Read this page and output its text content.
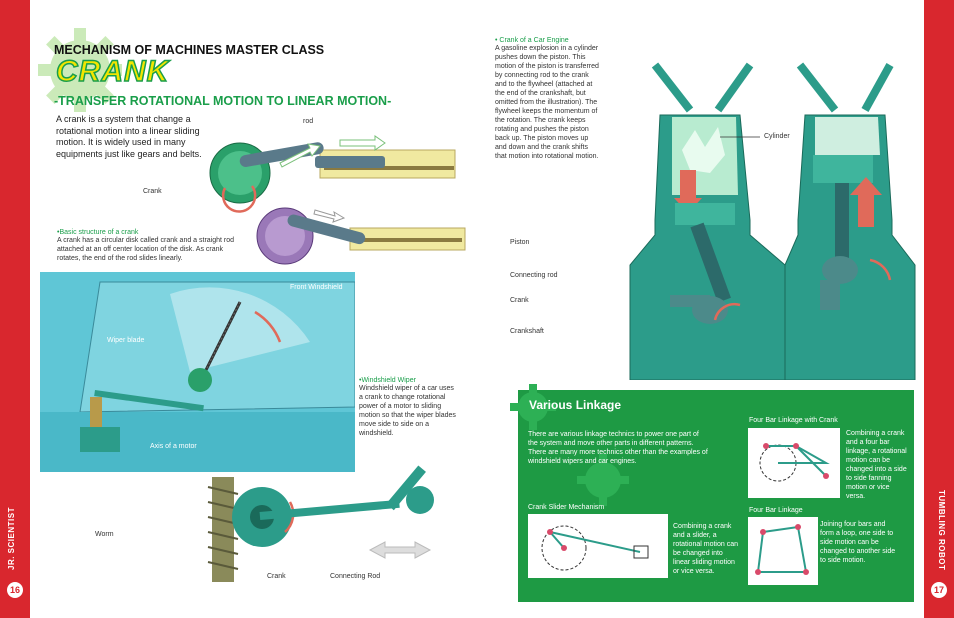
JR. SCIENTIST
16
TUMBLING ROBOT
17
MECHANISM OF MACHINES MASTER CLASS
CRANK
-TRANSFER ROTATIONAL MOTION TO LINEAR MOTION-
A crank is a system that change a rotational motion into a linear sliding motion. It is widely used in many equipments just like gears and belts.
rod
Crank
•Basic structure of a crank
A crank has a circular disk called crank and a straight rod attached at an off center location of the disk. As crank rotates, the end of the rod slides linearly.
Front Windshield
Wiper blade
Axis of a motor
•Windshield Wiper
Windshield wiper of a car uses a crank to change rotational power of a motor to sliding motion so that the wiper blades move side to side on a windshield.
Worm
Crank	Connecting Rod
• Crank of a Car Engine
A gasoline explosion in a cylinder pushes down the piston. This motion of the piston is transferred by connecting rod to the crank and to the flywheel (attached at the end of the crankshaft, but omitted from the illustration). The flywheel keeps the momentum of the rotation. The crank keeps rotating and pushes the piston back up. The piston moves up and down and the crank shifts that motion into rotational motion.
Cylinder
Piston
Connecting rod
Crank
Crankshaft
Various Linkage
There are various linkage technics to power one part of the system and move other parts in different patterns. There are many more technics other than the examples of windshield wipers and car engines.
Four Bar Linkage with Crank
Combining a crank and a four bar linkage, a rotational motion can be changed into a side to side fanning motion or vice versa.
Four Bar Linkage
Joining four bars and form a loop, one side to side motion can be changed to another side to side motion.
Crank Slider Mechanism
Combining a crank and a slider, a rotational motion can be changed into linear sliding motion or vice versa.
